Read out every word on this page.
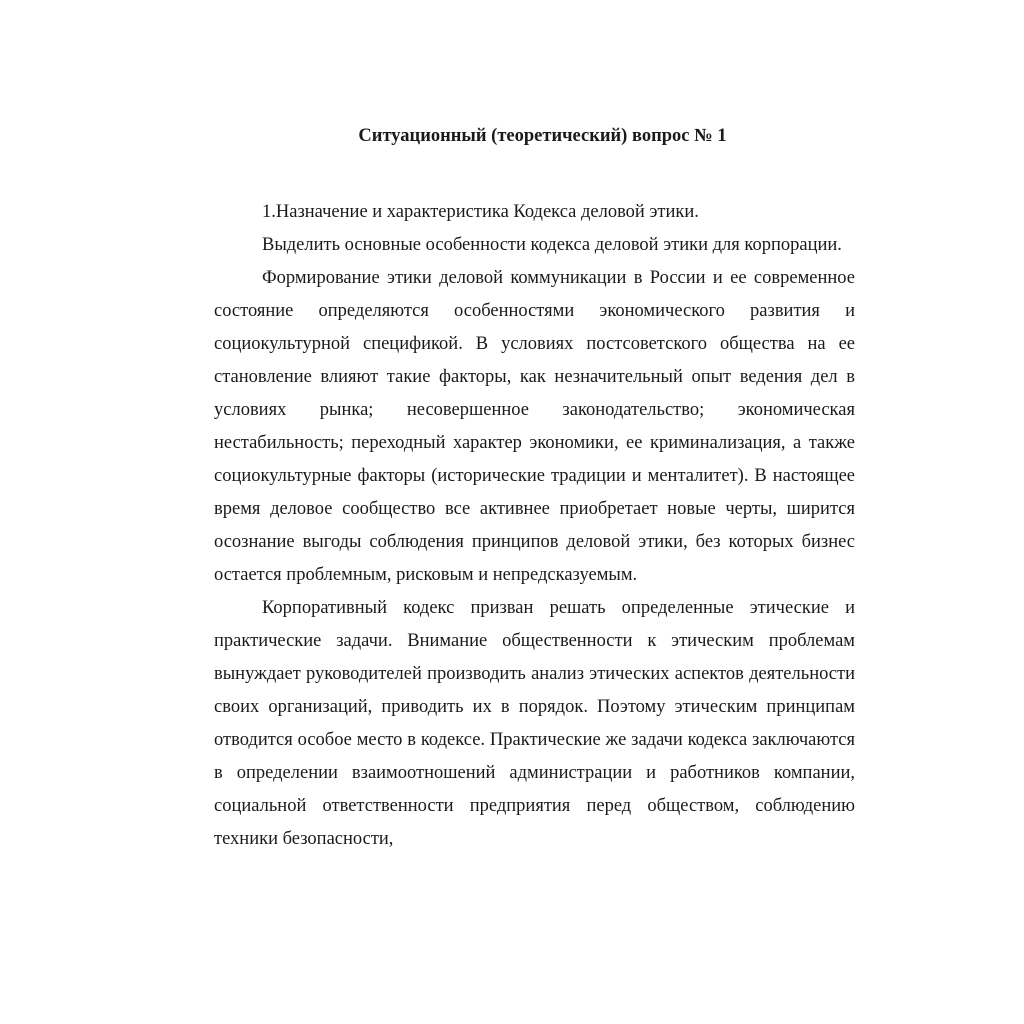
Ситуационный (теоретический) вопрос № 1

1.Назначение и характеристика Кодекса деловой этики.

Выделить основные особенности кодекса деловой этики для корпорации.

Формирование этики деловой коммуникации в России и ее современное состояние определяются особенностями экономического развития и социокультурной спецификой. В условиях постсоветского общества на ее становление влияют такие факторы, как незначительный опыт ведения дел в условиях рынка; несовершенное законодательство; экономическая нестабильность; переходный характер экономики, ее криминализация, а также социокультурные факторы (исторические традиции и менталитет). В настоящее время деловое сообщество все активнее приобретает новые черты, ширится осознание выгоды соблюдения принципов деловой этики, без которых бизнес остается проблемным, рисковым и непредсказуемым.

Корпоративный кодекс призван решать определенные этические и практические задачи. Внимание общественности к этическим проблемам вынуждает руководителей производить анализ этических аспектов деятельности своих организаций, приводить их в порядок. Поэтому этическим принципам отводится особое место в кодексе. Практические же задачи кодекса заключаются в определении взаимоотношений администрации и работников компании, социальной ответственности предприятия перед обществом, соблюдению техники безопасности,
